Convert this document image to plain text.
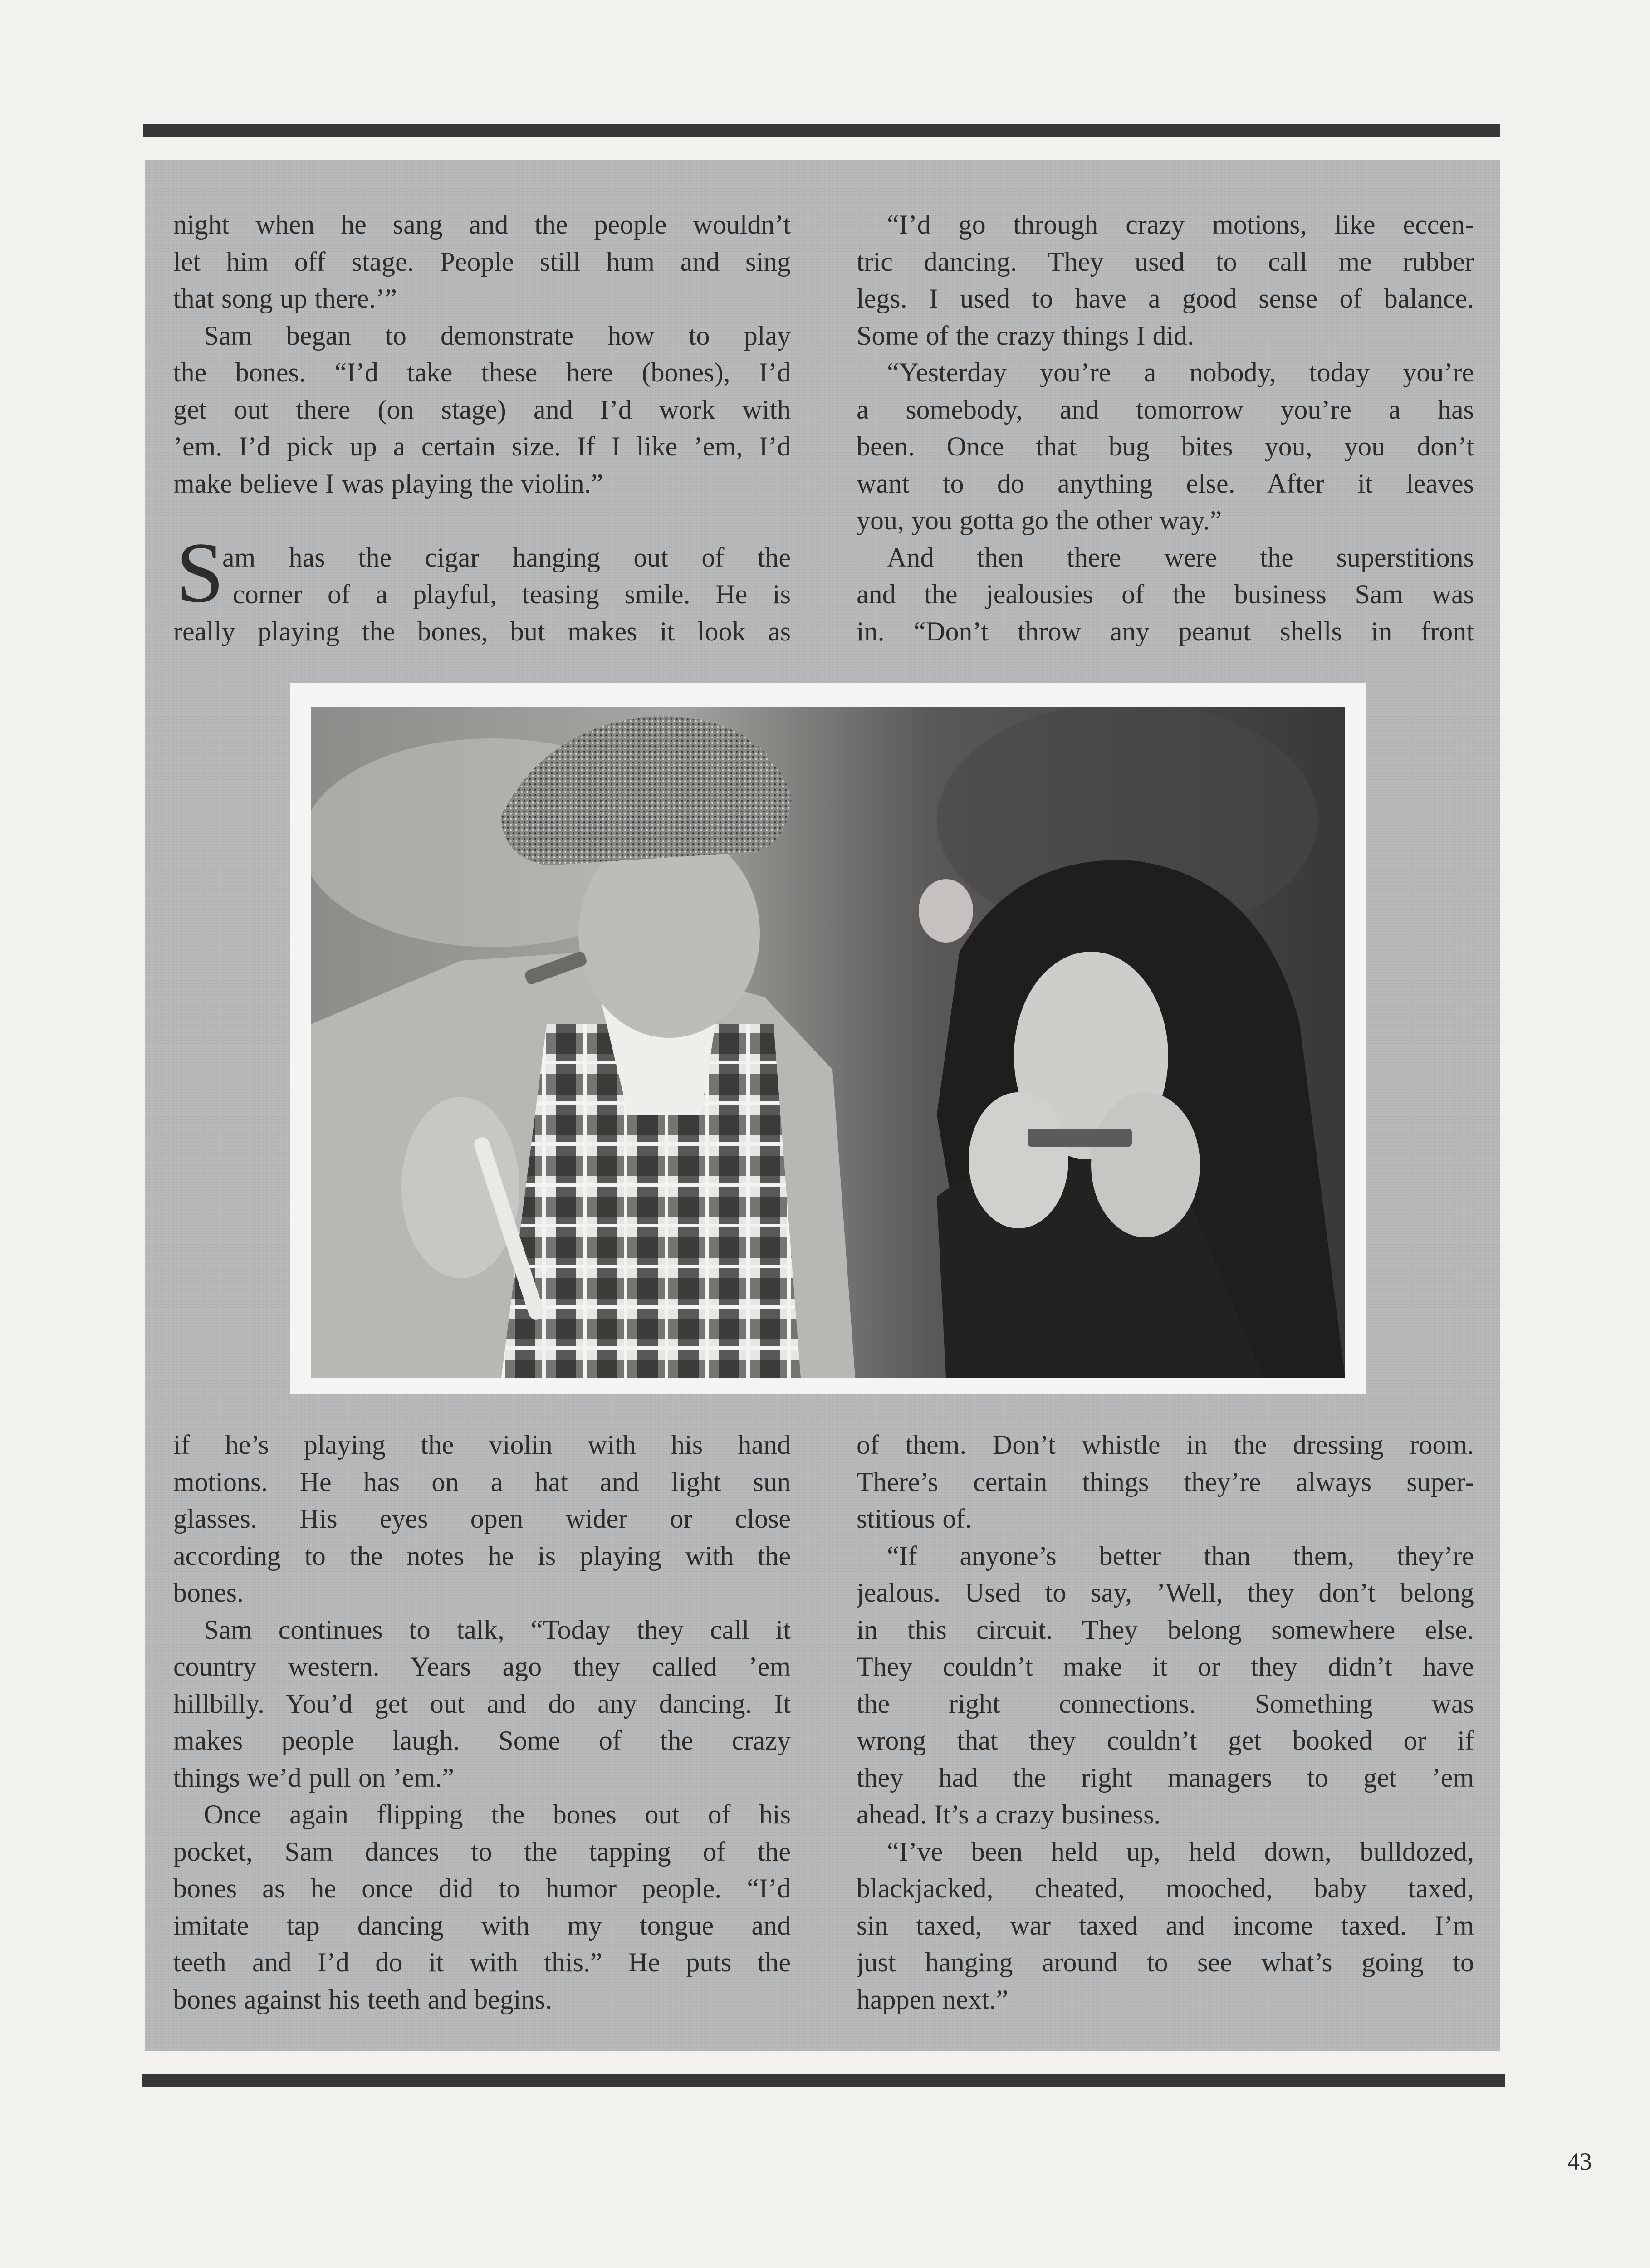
night when he sang and the people wouldn’t
let him off stage. People still hum and sing
that song up there.’”
Sam began to demonstrate how to play
the bones. “I’d take these here (bones), I’d
get out there (on stage) and I’d work with
’em. I’d pick up a certain size. If I like ’em, I’d
make believe I was playing the violin.”
am has the cigar hanging out of the
corner of a playful, teasing smile. He is
really playing the bones, but makes it look as
S
“I’d go through crazy motions, like eccen-
tric dancing. They used to call me rubber
legs. I used to have a good sense of balance.
Some of the crazy things I did.
“Yesterday you’re a nobody, today you’re
a somebody, and tomorrow you’re a has
been. Once that bug bites you, you don’t
want to do anything else. After it leaves
you, you gotta go the other way.”
And then there were the superstitions
and the jealousies of the business Sam was
in. “Don’t throw any peanut shells in front
if he’s playing the violin with his hand
motions. He has on a hat and light sun
glasses. His eyes open wider or close
according to the notes he is playing with the
bones.
Sam continues to talk, “Today they call it
country western. Years ago they called ’em
hillbilly. You’d get out and do any dancing. It
makes people laugh. Some of the crazy
things we’d pull on ’em.”
Once again flipping the bones out of his
pocket, Sam dances to the tapping of the
bones as he once did to humor people. “I’d
imitate tap dancing with my tongue and
teeth and I’d do it with this.” He puts the
bones against his teeth and begins.
of them. Don’t whistle in the dressing room.
There’s certain things they’re always super-
stitious of.
“If anyone’s better than them, they’re
jealous. Used to say, ’Well, they don’t belong
in this circuit. They belong somewhere else.
They couldn’t make it or they didn’t have
the right connections. Something was
wrong that they couldn’t get booked or if
they had the right managers to get ’em
ahead. It’s a crazy business.
“I’ve been held up, held down, bulldozed,
blackjacked, cheated, mooched, baby taxed,
sin taxed, war taxed and income taxed. I’m
just hanging around to see what’s going to
happen next.”
43
